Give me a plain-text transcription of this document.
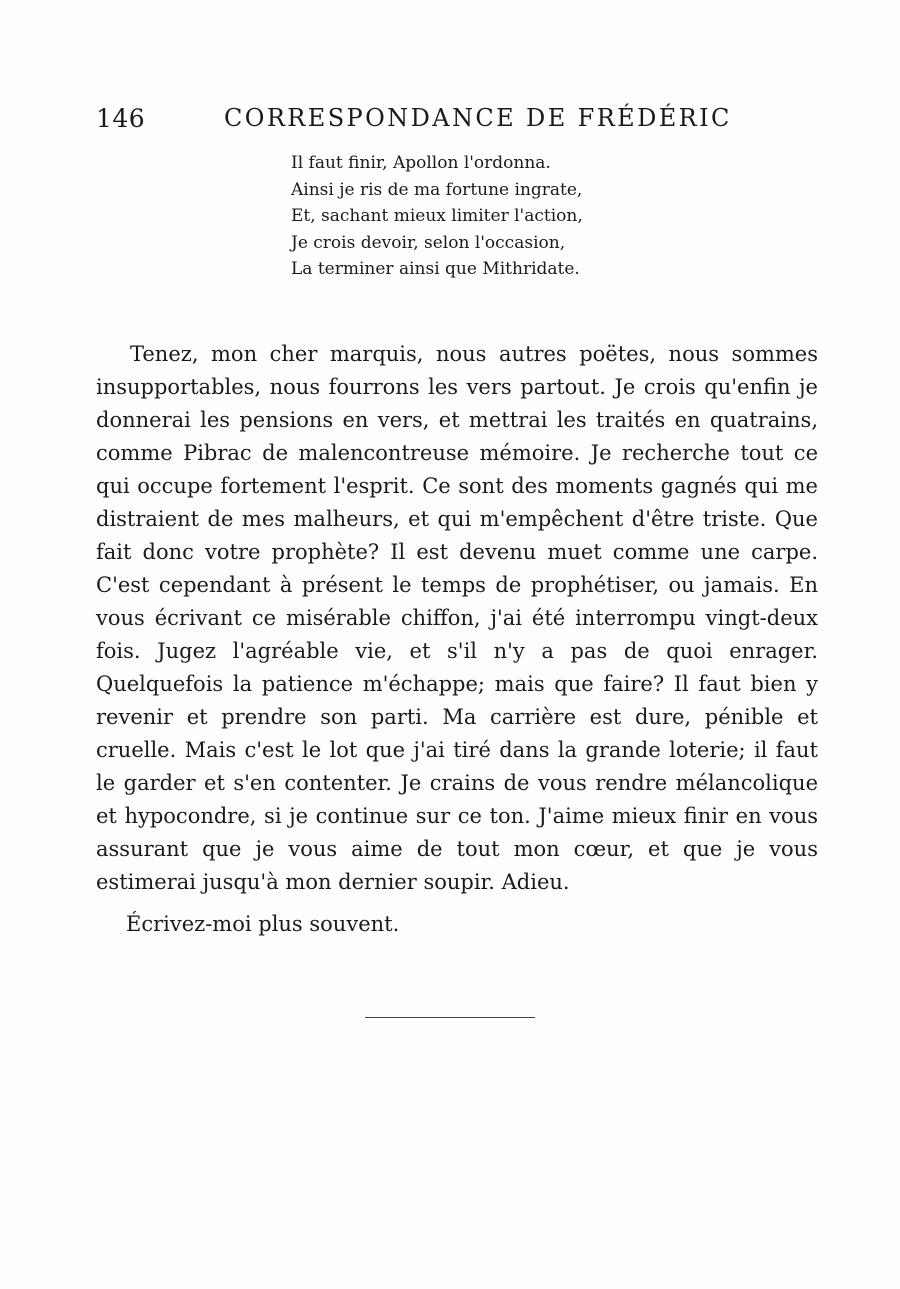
146	CORRESPONDANCE DE FRÉDÉRIC
Il faut finir, Apollon l'ordonna.
Ainsi je ris de ma fortune ingrate,
Et, sachant mieux limiter l'action,
Je crois devoir, selon l'occasion,
La terminer ainsi que Mithridate.

Tenez, mon cher marquis, nous autres poëtes, nous sommes insupportables, nous fourrons les vers partout. Je crois qu'enfin je donnerai les pensions en vers, et mettrai les traités en quatrains, comme Pibrac de malencontreuse mémoire. Je recherche tout ce qui occupe fortement l'esprit. Ce sont des moments gagnés qui me distraient de mes malheurs, et qui m'empêchent d'être triste. Que fait donc votre prophète? Il est devenu muet comme une carpe. C'est cependant à présent le temps de prophétiser, ou jamais. En vous écrivant ce misérable chiffon, j'ai été interrompu vingt-deux fois. Jugez l'agréable vie, et s'il n'y a pas de quoi enrager. Quelquefois la patience m'échappe; mais que faire? Il faut bien y revenir et prendre son parti. Ma carrière est dure, pénible et cruelle. Mais c'est le lot que j'ai tiré dans la grande loterie; il faut le garder et s'en contenter. Je crains de vous rendre mélancolique et hypocondre, si je continue sur ce ton. J'aime mieux finir en vous assurant que je vous aime de tout mon cœur, et que je vous estimerai jusqu'à mon dernier soupir. Adieu.

Écrivez-moi plus souvent.
